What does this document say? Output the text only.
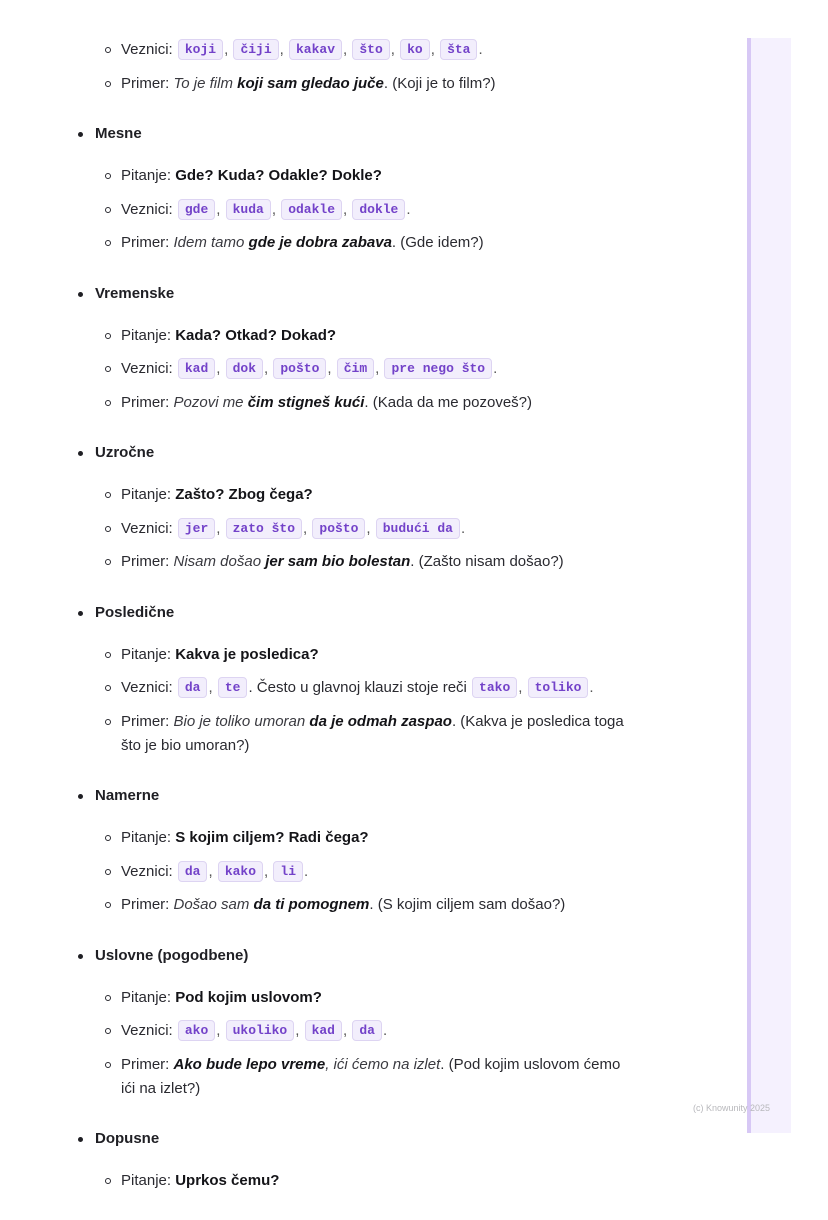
Veznici: koji , čiji , kakav , što , ko , šta .
Primer: To je film koji sam gledao juče. (Koji je to film?)
Mesne
Pitanje: Gde? Kuda? Odakle? Dokle?
Veznici: gde , kuda , odakle , dokle .
Primer: Idem tamo gde je dobra zabava. (Gde idem?)
Vremenske
Pitanje: Kada? Otkad? Dokad?
Veznici: kad , dok , pošto , čim , pre nego što .
Primer: Pozovi me čim stigneš kući. (Kada da me pozoveš?)
Uzročne
Pitanje: Zašto? Zbog čega?
Veznici: jer , zato što , pošto , budući da .
Primer: Nisam došao jer sam bio bolestan. (Zašto nisam došao?)
Posledične
Pitanje: Kakva je posledica?
Veznici: da , te . Često u glavnoj klauzi stoje reči tako , toliko .
Primer: Bio je toliko umoran da je odmah zaspao. (Kakva je posledica toga što je bio umoran?)
Namerne
Pitanje: S kojim ciljem? Radi čega?
Veznici: da , kako , li .
Primer: Došao sam da ti pomognem. (S kojim ciljem sam došao?)
Uslovne (pogodbene)
Pitanje: Pod kojim uslovom?
Veznici: ako , ukoliko , kad , da .
Primer: Ako bude lepo vreme, ići ćemo na izlet. (Pod kojim uslovom ćemo ići na izlet?)
Dopusne
Pitanje: Uprkos čemu?
(c) Knowunity 2025
